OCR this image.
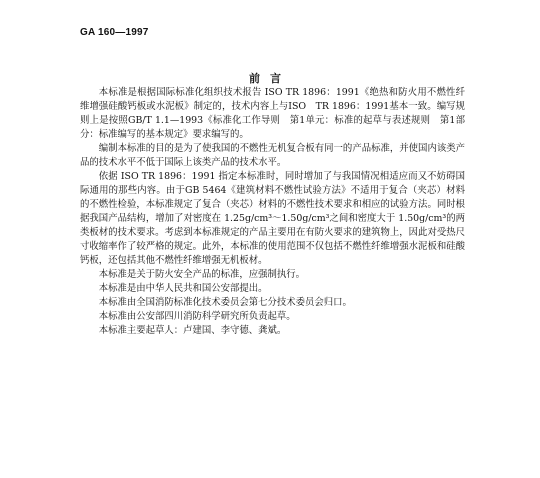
GA 160—1997
前言

本标准是根据国际标准化组织技术报告 ISO TR 1896：1991《绝热和防火用不燃性纤维增强硅酸钙板或水泥板》制定的，技术内容上与ISO　TR 1896：1991基本一致。编写规则上是按照GB/T 1.1—1993《标准化工作导则　第1单元：标准的起草与表述规则　第1部分：标准编写的基本规定》要求编写的。

编制本标准的目的是为了使我国的不燃性无机复合板有同一的产品标准，并使国内该类产品的技术水平不低于国际上该类产品的技术水平。

依据 ISO TR 1896：1991 指定本标准时，同时增加了与我国情况相适应而又不妨碍国际通用的那些内容。由于GB 5464《建筑材料不燃性试验方法》不适用于复合（夹芯）材料的不燃性检验，本标准规定了复合（夹芯）材料的不燃性技术要求和相应的试验方法。同时根据我国产品结构，增加了对密度在 1.25g/cm³～1.50g/cm³之间和密度大于 1.50g/cm³的两类板材的技术要求。考虑到本标准规定的产品主要用在有防火要求的建筑物上，因此对受热尺寸收缩率作了较严格的规定。此外，本标准的使用范围不仅包括不燃性纤维增强水泥板和硅酸钙板，还包括其他不燃性纤维增强无机板材。

本标准是关于防火安全产品的标准，应强制执行。

本标准是由中华人民共和国公安部提出。

本标准由全国消防标准化技术委员会第七分技术委员会归口。

本标准由公安部四川消防科学研究所负责起草。

本标准主要起草人：卢建国、李守德、龚斌。
